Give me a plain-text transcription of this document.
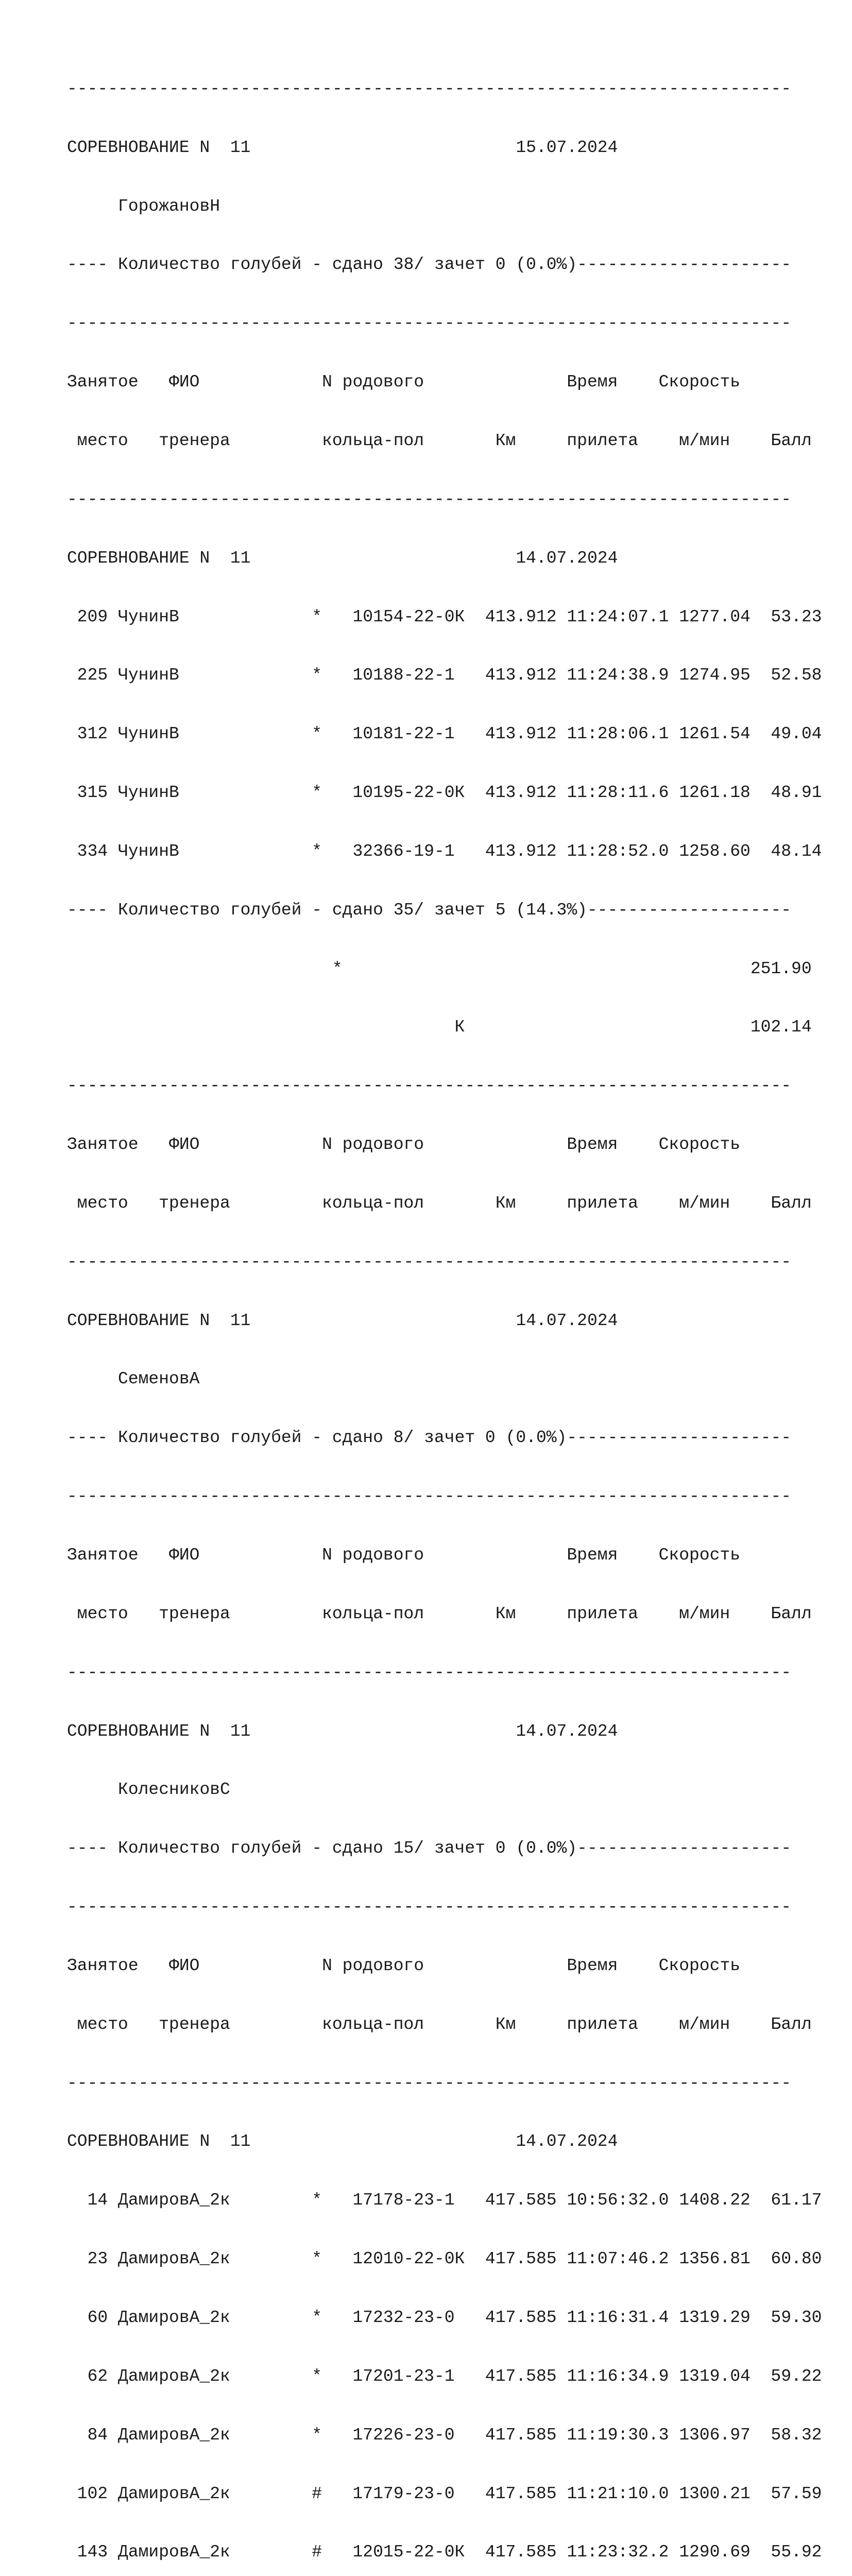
-----------------------------------------------------------------------

СОРЕВНОВАНИЕ N  11                          15.07.2024

ГорожановН

---- Количество голубей - сдано 38/ зачет 0 (0.0%)---------------------

-----------------------------------------------------------------------

Занятое   ФИО            N родового              Время    Скорость

место   тренера         кольца-пол       Км     прилета    м/мин    Балл

-----------------------------------------------------------------------

СОРЕВНОВАНИЕ N  11                          14.07.2024

209 ЧунинВ             *   10154-22-0К  413.912 11:24:07.1 1277.04  53.23

225 ЧунинВ             *   10188-22-1   413.912 11:24:38.9 1274.95  52.58

312 ЧунинВ             *   10181-22-1   413.912 11:28:06.1 1261.54  49.04

315 ЧунинВ             *   10195-22-0К  413.912 11:28:11.6 1261.18  48.91

334 ЧунинВ             *   32366-19-1   413.912 11:28:52.0 1258.60  48.14

---- Количество голубей - сдано 35/ зачет 5 (14.3%)--------------------

*                                        251.90

К                            102.14

-----------------------------------------------------------------------

Занятое   ФИО            N родового              Время    Скорость

место   тренера         кольца-пол       Км     прилета    м/мин    Балл

-----------------------------------------------------------------------

СОРЕВНОВАНИЕ N  11                          14.07.2024

СеменовА

---- Количество голубей - сдано 8/ зачет 0 (0.0%)----------------------

-----------------------------------------------------------------------

Занятое   ФИО            N родового              Время    Скорость

место   тренера         кольца-пол       Км     прилета    м/мин    Балл

-----------------------------------------------------------------------

СОРЕВНОВАНИЕ N  11                          14.07.2024

КолесниковС

---- Количество голубей - сдано 15/ зачет 0 (0.0%)---------------------

-----------------------------------------------------------------------

Занятое   ФИО            N родового              Время    Скорость

место   тренера         кольца-пол       Км     прилета    м/мин    Балл

-----------------------------------------------------------------------

СОРЕВНОВАНИЕ N  11                          14.07.2024

14 ДамировА_2к        *   17178-23-1   417.585 10:56:32.0 1408.22  61.17

23 ДамировА_2к        *   12010-22-0К  417.585 11:07:46.2 1356.81  60.80

60 ДамировА_2к        *   17232-23-0   417.585 11:16:31.4 1319.29  59.30

62 ДамировА_2к        *   17201-23-1   417.585 11:16:34.9 1319.04  59.22

84 ДамировА_2к        *   17226-23-0   417.585 11:19:30.3 1306.97  58.32

102 ДамировА_2к        #   17179-23-0   417.585 11:21:10.0 1300.21  57.59

143 ДамировА_2к        #   12015-22-0К  417.585 11:23:32.2 1290.69  55.92
